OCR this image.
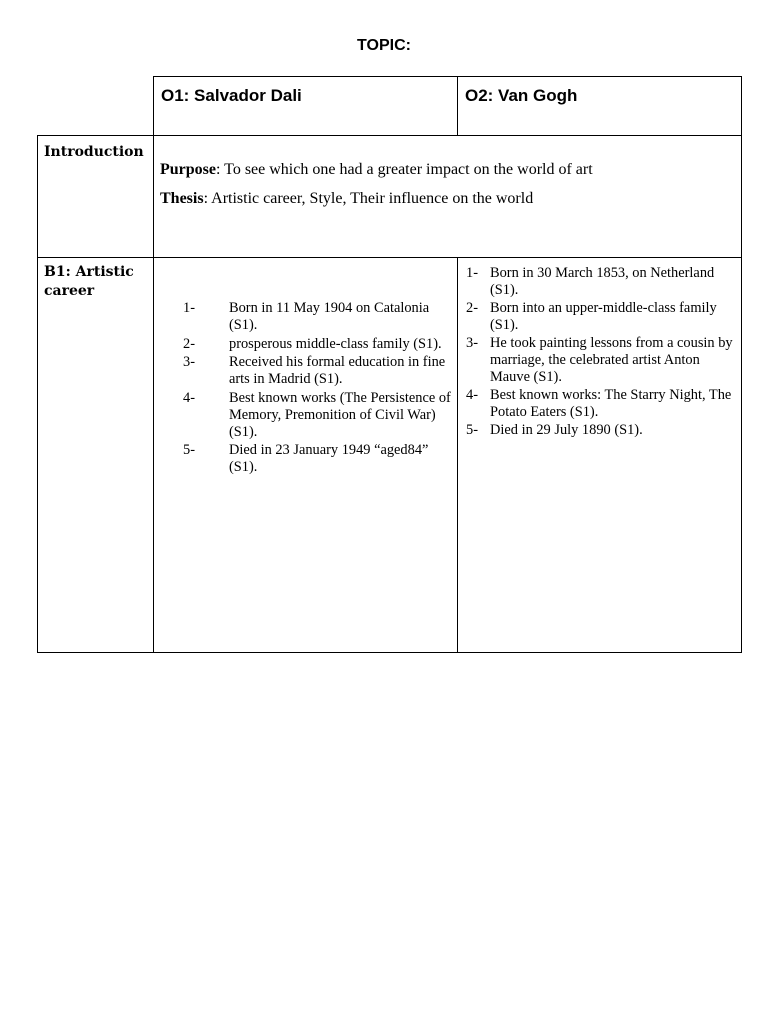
TOPIC:
O1: Salvador Dali	O2: Van Gogh
Introduction
Purpose: To see which one had a greater impact on the world of art
Thesis: Artistic career, Style, Their influence on the world
B1: Artistic career
1- Born in 11 May 1904 on Catalonia (S1).
2- prosperous middle-class family (S1).
3- Received his formal education in fine arts in Madrid (S1).
4- Best known works (The Persistence of Memory, Premonition of Civil War) (S1).
5- Died in 23 January 1949 “aged84” (S1).
1- Born in 30 March 1853, on Netherland (S1).
2- Born into an upper-middle-class family (S1).
3- He took painting lessons from a cousin by marriage, the celebrated artist Anton Mauve (S1).
4- Best known works: The Starry Night, The Potato Eaters (S1).
5- Died in 29 July 1890 (S1).
